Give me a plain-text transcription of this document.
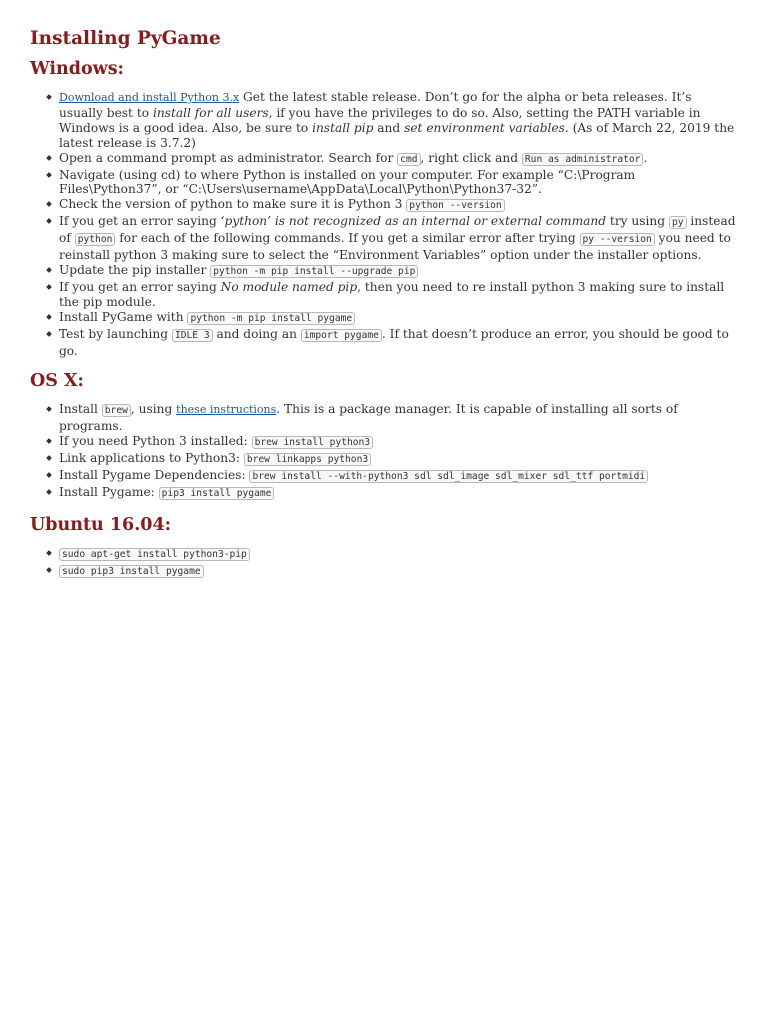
Installing PyGame
Windows:
Download and install Python 3.x Get the latest stable release. Don’t go for the alpha or beta releases. It’s usually best to install for all users, if you have the privileges to do so. Also, setting the PATH variable in Windows is a good idea. Also, be sure to install pip and set environment variables. (As of March 22, 2019 the latest release is 3.7.2)
Open a command prompt as administrator. Search for cmd , right click and Run as administrator .
Navigate (using cd) to where Python is installed on your computer. For example “C:\Program Files\Python37”, or “C:\Users\username\AppData\Local\Python\Python37-32”.
Check the version of python to make sure it is Python 3 python --version
If you get an error saying ‘python’ is not recognized as an internal or external command try using py instead of python for each of the following commands. If you get a similar error after trying py --version you need to reinstall python 3 making sure to select the “Environment Variables” option under the installer options.
Update the pip installer python -m pip install --upgrade pip
If you get an error saying No module named pip, then you need to re install python 3 making sure to install the pip module.
Install PyGame with python -m pip install pygame
Test by launching IDLE 3 and doing an import pygame . If that doesn’t produce an error, you should be good to go.
OS X:
Install brew , using these instructions. This is a package manager. It is capable of installing all sorts of programs.
If you need Python 3 installed: brew install python3
Link applications to Python3: brew linkapps python3
Install Pygame Dependencies: brew install --with-python3 sdl sdl_image sdl_mixer sdl_ttf portmidi
Install Pygame: pip3 install pygame
Ubuntu 16.04:
sudo apt-get install python3-pip
sudo pip3 install pygame
